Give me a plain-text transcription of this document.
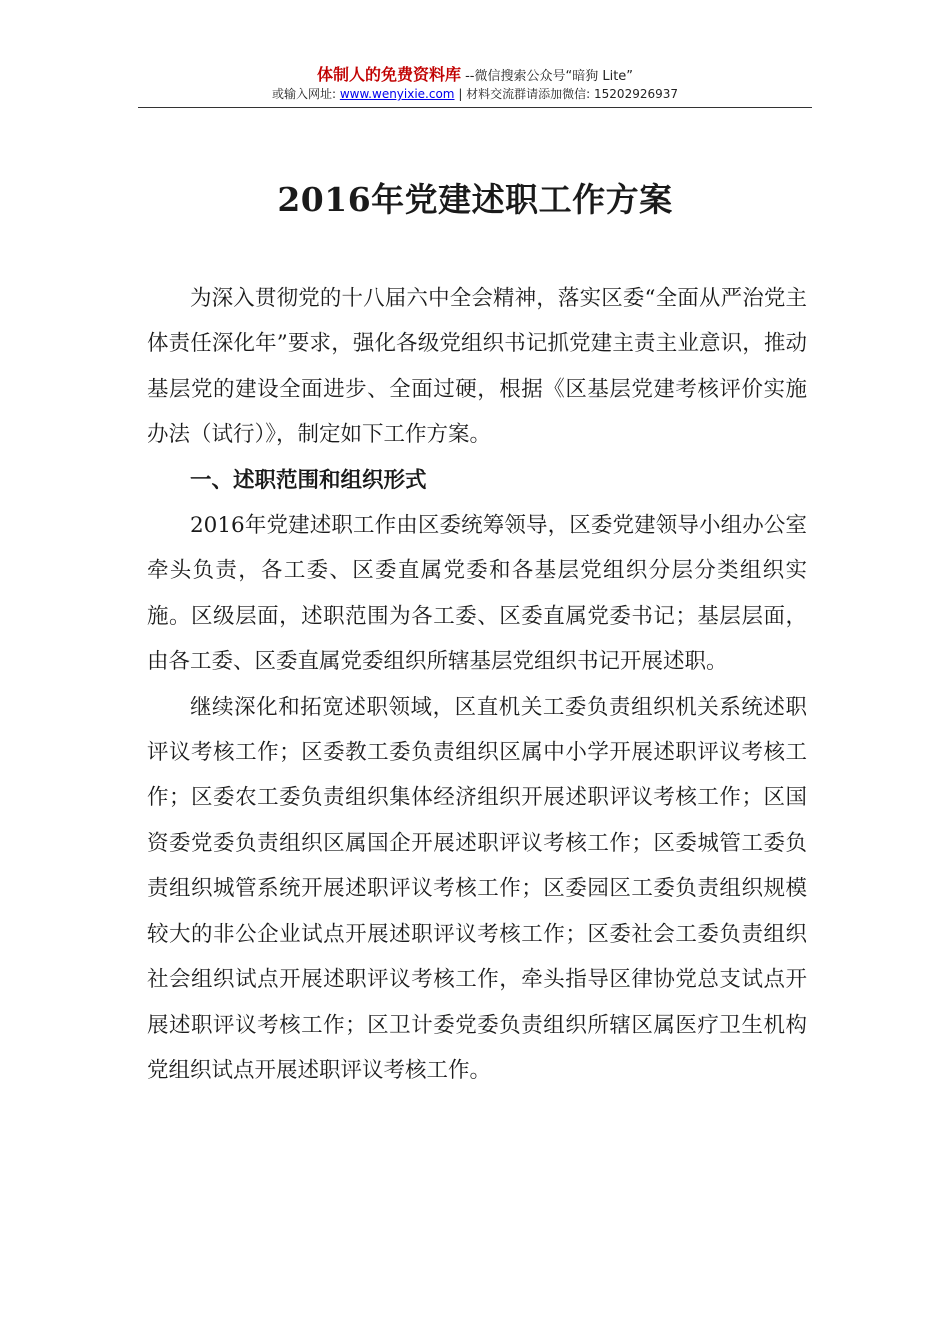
体制人的免费资料库 --微信搜索公众号“暗狗 Lite”
或输入网址: www.wenyixie.com | 材料交流群请添加微信: 15202926937
2016年党建述职工作方案

为深入贯彻党的十八届六中全会精神，落实区委“全面从严治党主体责任深化年”要求，强化各级党组织书记抓党建主责主业意识，推动基层党的建设全面进步、全面过硬，根据《区基层党建考核评价实施办法（试行）》，制定如下工作方案。

一、述职范围和组织形式

2016年党建述职工作由区委统筹领导，区委党建领导小组办公室牵头负责，各工委、区委直属党委和各基层党组织分层分类组织实施。区级层面，述职范围为各工委、区委直属党委书记；基层层面，由各工委、区委直属党委组织所辖基层党组织书记开展述职。

继续深化和拓宽述职领域，区直机关工委负责组织机关系统述职评议考核工作；区委教工委负责组织区属中小学开展述职评议考核工作；区委农工委负责组织集体经济组织开展述职评议考核工作；区国资委党委负责组织区属国企开展述职评议考核工作；区委城管工委负责组织城管系统开展述职评议考核工作；区委园区工委负责组织规模较大的非公企业试点开展述职评议考核工作；区委社会工委负责组织社会组织试点开展述职评议考核工作，牵头指导区律协党总支试点开展述职评议考核工作；区卫计委党委负责组织所辖区属医疗卫生机构党组织试点开展述职评议考核工作。
